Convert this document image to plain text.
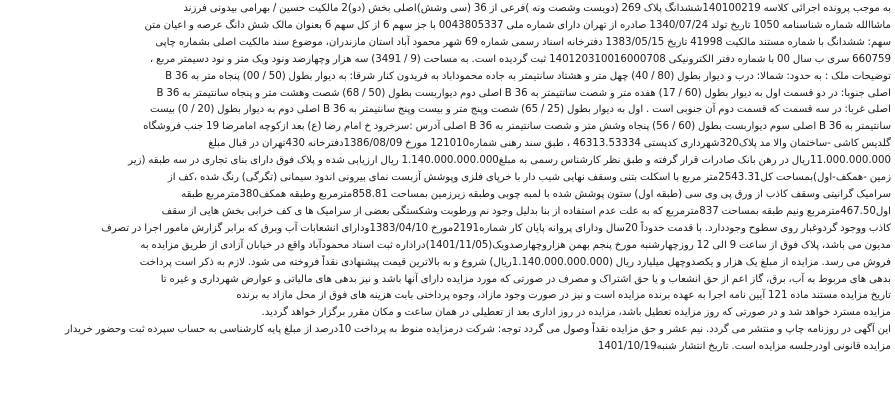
به موجب پرونده اجرائی کلاسه 140100219ششدانگ پلاک 269 (دویست وشصت ونه )فرعی از 36 (سی وشش)اصلی بخش (دو)2 مالکیت حسین / بهرامی بیدونی فرزند
ماشاالله شماره شناسنامه 1050 تاریخ تولد 1340/07/24 صادره از تهران دارای شماره ملی 0043805337 با جز سهم 6 از کل سهم 6 بعنوان مالک شش دانگ عرصه و اعیان متن
سهم: ششدانگ با شماره مستند مالکیت 41998 تاریخ 1383/05/15 دفترخانه اسناد رسمی شماره 69 شهر محمود آباد استان مازندران، موضوع سند مالکیت اصلی بشماره چاپی
660759 سری ب سال 00 با شماره دفتر الکترونیکی 140120310016000708 ثبت گردیده است. به مساحت (9 / 3491) سه هزار وچهارصد ونود ویک متر و نود دسیمتر مربع ،
توضیحات ملک : به حدود: شمالا: درب و دیوار بطول (80 / 40) چهل متر و هشتاد سانتیمتر به جاده محموداباد به فریدون کنار شرقا: به دیوار بطول (50 / 00) پنجاه متر به 36 B
اصلی جنوبا: در دو قسمت اول به دیوار بطول (60 / 17) هفده متر و شصت سانتیمتر به 36 B اصلی دوم دیواربست بطول (50 / 68) شصت وهشت متر و پنجاه سانتیمتر به 36 B
اصلی غربا: در سه قسمت که قسمت دوم آن جنوبی است . اول به دیوار بطول (25 / 65) شصت وپنج متر و بیست وپنج سانتیمتر به 36 B اصلی دوم به دیوار بطول (20 / 0) بیست
سانتیمتر به 36 B اصلی سوم دیواربست بطول (60 / 56) پنجاه وشش متر و شصت سانتیمتر به 36 B اصلی آدرس :سرخرود خ امام رضا (ع) بعد ازکوچه امامرضا 19 جنب فروشگاه
گلدیس کاشی -ساختمان والا مد پلاک320شهرداری کدپستی 46313.53334 ، طبق سند رهنی شماره121010 مورخ 1386/08/09دفترخانه 430تهران در قبال مبلغ
11.000.000.000ریال در رهن بانک صادرات قرار گرفته و طبق نظر کارشناس رسمی به مبلغ1.140.000.000.000 ریال ارزیابی شده و پلاک فوق دارای بنای تجاری در سه طبقه (زیر
زمین -همکف-اول)بمساحت کل2543.31متر مربع با اسکلت بتنی وسقف نهایی شیب دار با خرپای فلزی وپوشش آزبست نمای بیرونی اندود سیمانی (تگرگی) رنگ شده ،کف از
سرامیک گرانیتی وسقف کاذب از ورق پی وی سی (طبقه اول) ستون پوشش شده با لمبه چوبی وطبقه زیرزمین بمساحت 858.81مترمربع وطبقه همکف380مترمربع طبقه
اول467.50مترمربع ونیم طبقه بمساحت 837مترمربع که به علت عدم استفاده از بنا بدلیل وجود نم ورطوبت وشکستگی بعضی از سرامیک ها ی کف خرابی بخش هایی از سقف
کاذب ووجود گردوغبار روی سطوح وجوددارد. با قدمت حدوداً 20سال ودارای پروانه پایان کار شماره2191مورخ 1383/04/10ودارای انشعابات آب وبرق که برابر گزارش مامور اجرا در تصرف
مدیون می باشد، پلاک فوق از ساعت 9 الی 12 روزچهارشنبه مورخ پنجم بهمن هزاروچهارصدویک(1401/11/05)دراداره ثبت اسناد محمودآباد واقع در خیابان آزادی از طریق مزایده به
فروش می رسد. مزایده از مبلغ یک هزار و یکصدوچهل میلیارد ریال (1.140.000.000.000ریال) شروع و به بالاترین قیمت پیشنهادی نقداً فروخته می شود. لازم به ذکر است پرداخت
بدهی های مربوط به آب، برق، گاز اعم از حق انشعاب و یا حق اشتراک و مصرف در صورتی که مورد مزایده دارای آنها باشد و نیز بدهی های مالیاتی و عوارض شهرداری و غیره تا
تاریخ مزایده مستند ماده 121 آیین نامه اجرا به عهده برنده مزایده است و نیز در صورت وجود مازاد، وجوه پرداختی بابت هزینه های فوق از محل مازاد به برنده
مزایده مسترد خواهد شد و در صورتی که روز مزایده تعطیل باشد، مزایده در روز اداری بعد از تعطیلی در همان ساعت و مکان مقرر برگزار خواهد گردید.
این آگهی در روزنامه چاپ و منتشر می گردد. نیم عشر و حق مزایده نقداً وصول می گردد توجه: شرکت درمزایده منوط به پرداخت 10درصد از مبلغ پایه کارشناسی به حساب سپرده ثبت وحضور خریدار
مزایده قانونی اودرجلسه مزایده است. تاریخ انتشار شنبه1401/10/19
